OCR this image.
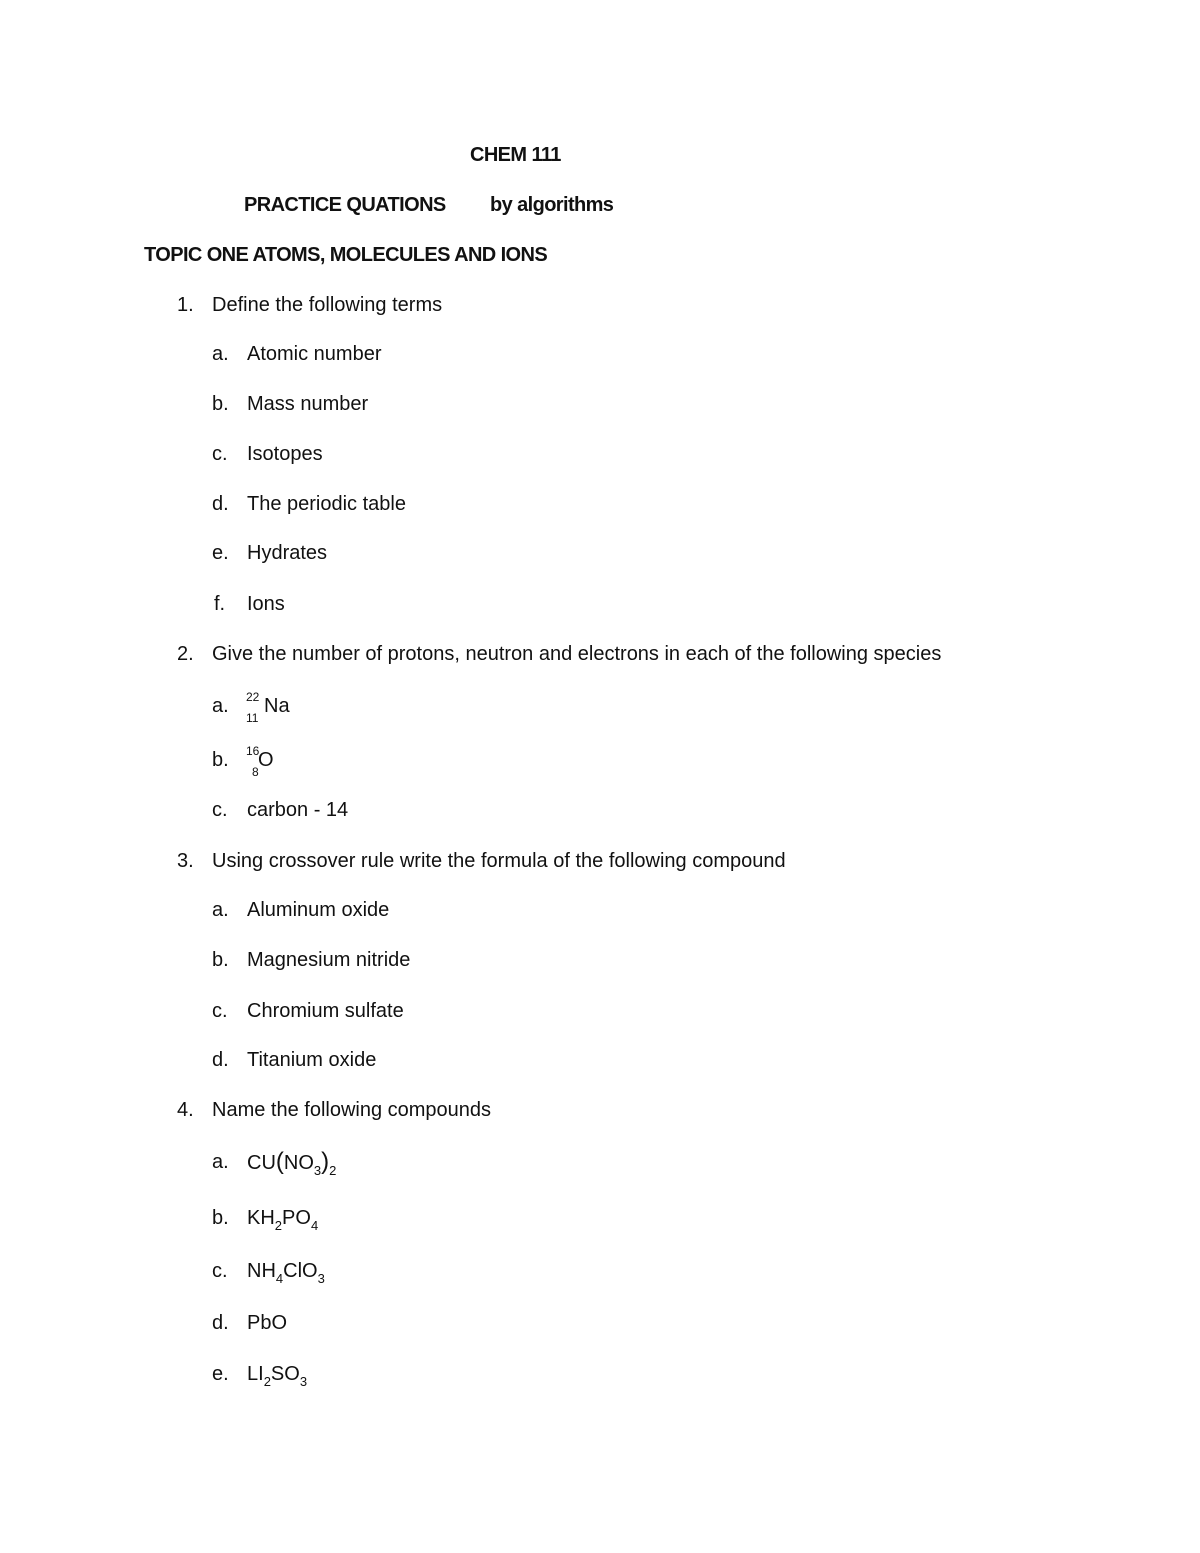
CHEM 111
PRACTICE QUATIONS by algorithms
TOPIC ONE ATOMS, MOLECULES AND IONS
1. Define the following terms
a. Atomic number
b. Mass number
c. Isotopes
d. The periodic table
e. Hydrates
f. Ions
2. Give the number of protons, neutron and electrons in each of the following species
a. 22
11
Na
b. 16
8
O
c. carbon - 14
3. Using crossover rule write the formula of the following compound
a. Aluminum oxide
b. Magnesium nitride
c. Chromium sulfate
d. Titanium oxide
4. Name the following compounds
a. $CU(NO_3)_2$
b. $KH_2PO_4$
c. $NH_4ClO_3$
d. PbO
e. $LI_2SO_3$
